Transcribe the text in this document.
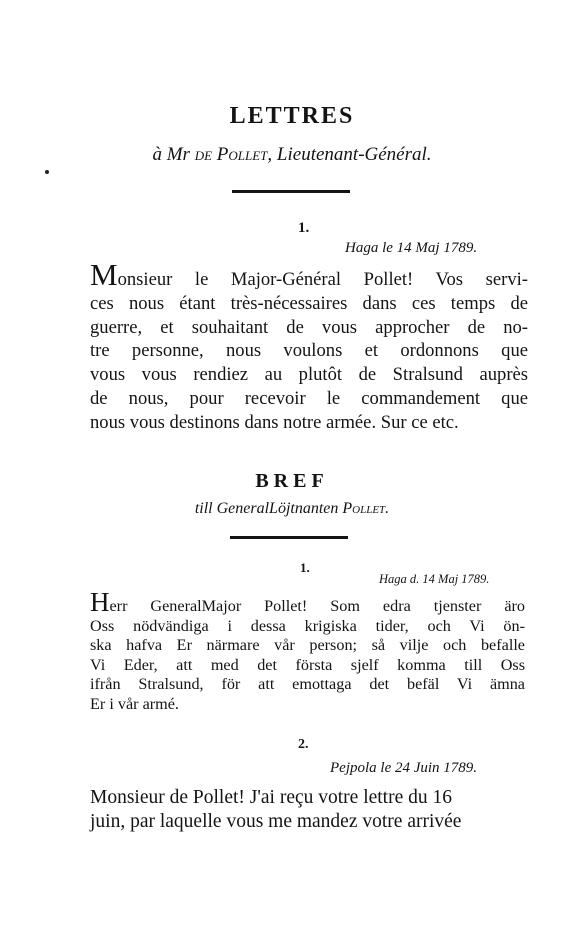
LETTRES
à Mr de Pollet, Lieutenant-Général.
1.
Haga le 14 Maj 1789.
Monsieur le Major-Général Pollet! Vos servi-
ces nous étant très-nécessaires dans ces temps de
guerre, et souhaitant de vous approcher de no-
tre personne, nous voulons et ordonnons que
vous vous rendiez au plutôt de Stralsund auprès
de nous, pour recevoir le commandement que
nous vous destinons dans notre armée. Sur ce etc.
BREF
till GeneralLöjtnanten Pollet.
1.
Haga d. 14 Maj 1789.
Herr GeneralMajor Pollet! Som edra tjenster äro
Oss nödvändiga i dessa krigiska tider, och Vi ön-
ska hafva Er närmare vår person; så vilje och befalle
Vi Eder, att med det första sjelf komma till Oss
ifrån Stralsund, för att emottaga det befäl Vi ämna
Er i vår armé.
2.
Pejpola le 24 Juin 1789.
Monsieur de Pollet! J'ai reçu votre lettre du 16
juin, par laquelle vous me mandez votre arrivée
